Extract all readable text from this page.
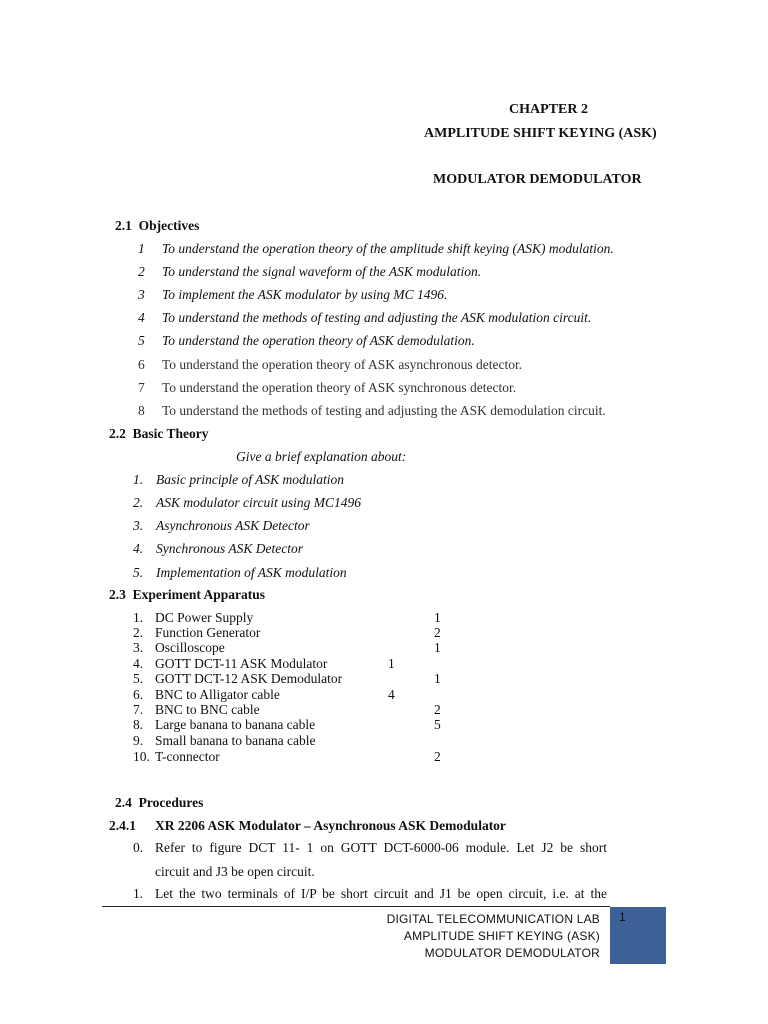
CHAPTER 2
AMPLITUDE SHIFT KEYING (ASK)
MODULATOR DEMODULATOR
2.1 Objectives
1 To understand the operation theory of the amplitude shift keying (ASK) modulation.
2 To understand the signal waveform of the ASK modulation.
3 To implement the ASK modulator by using MC 1496.
4 To understand the methods of testing and adjusting the ASK modulation circuit.
5 To understand the operation theory of ASK demodulation.
6 To understand the operation theory of ASK asynchronous detector.
7 To understand the operation theory of ASK synchronous detector.
8 To understand the methods of testing and adjusting the ASK demodulation circuit.
2.2 Basic Theory
Give a brief explanation about:
1. Basic principle of ASK modulation
2. ASK modulator circuit using MC1496
3. Asynchronous ASK Detector
4. Synchronous ASK Detector
5. Implementation of ASK modulation
2.3 Experiment Apparatus
1. DC Power Supply	1
2. Function Generator	2
3. Oscilloscope	1
4. GOTT DCT-11 ASK Modulator	1
5. GOTT DCT-12 ASK Demodulator	1
6. BNC to Alligator cable	4
7. BNC to BNC cable	2
8. Large banana to banana cable	5
9. Small banana to banana cable
10. T-connector	2
2.4 Procedures
2.4.1 XR 2206 ASK Modulator – Asynchronous ASK Demodulator
0. Refer to figure DCT 11- 1 on GOTT DCT-6000-06 module. Let J2 be short
circuit and J3 be open circuit.
1. Let the two terminals of I/P be short circuit and J1 be open circuit, i.e. at the
DIGITAL TELECOMMUNICATION LAB
AMPLITUDE SHIFT KEYING (ASK)
MODULATOR DEMODULATOR
1
